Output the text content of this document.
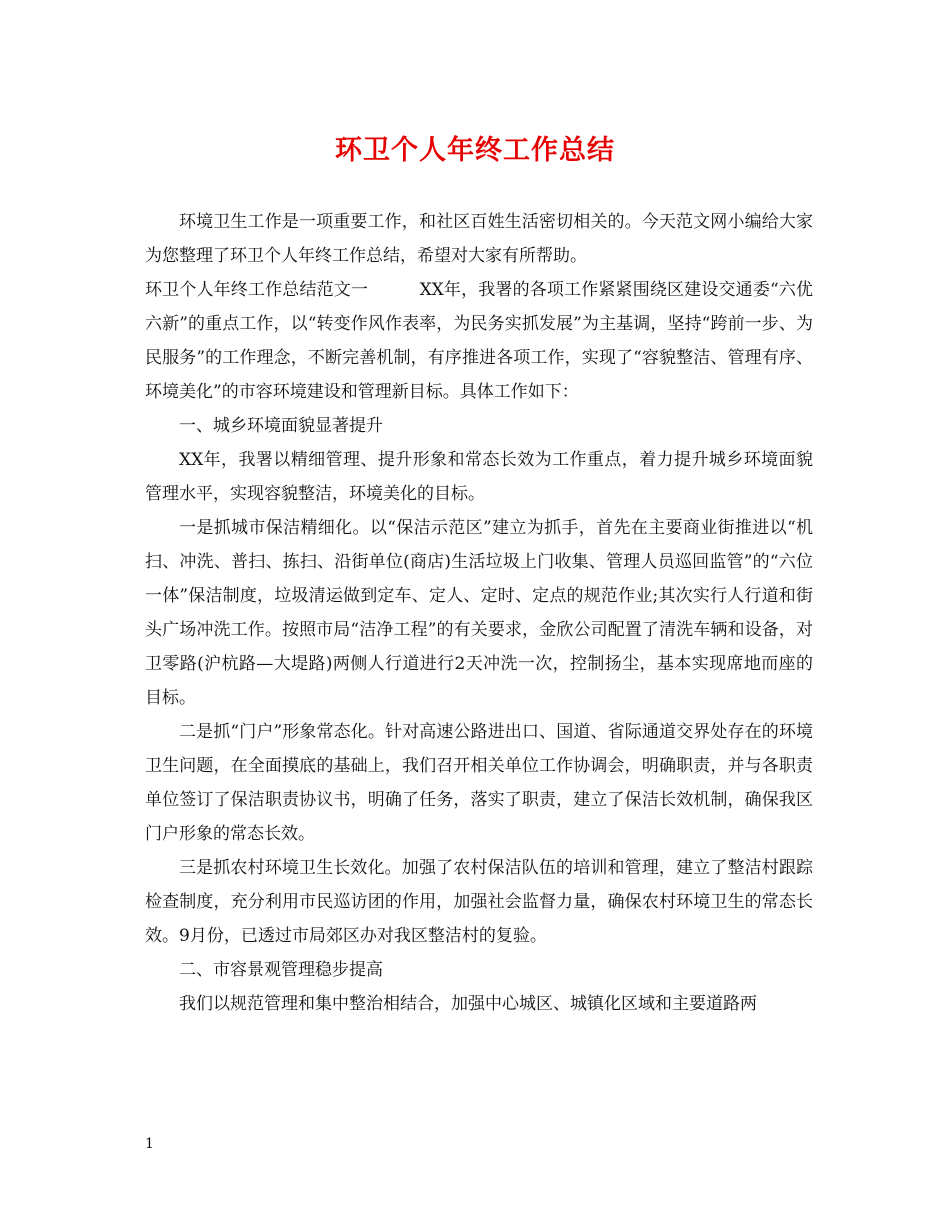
环卫个人年终工作总结

环境卫生工作是一项重要工作，和社区百姓生活密切相关的。今天范文网小编给大家为您整理了环卫个人年终工作总结，希望对大家有所帮助。

环卫个人年终工作总结范文一　　　XX年，我署的各项工作紧紧围绕区建设交通委“六优六新”的重点工作，以“转变作风作表率，为民务实抓发展”为主基调，坚持“跨前一步、为民服务”的工作理念，不断完善机制，有序推进各项工作，实现了“容貌整洁、管理有序、环境美化”的市容环境建设和管理新目标。具体工作如下：

一、城乡环境面貌显著提升

XX年，我署以精细管理、提升形象和常态长效为工作重点，着力提升城乡环境面貌管理水平，实现容貌整洁，环境美化的目标。

一是抓城市保洁精细化。以“保洁示范区”建立为抓手，首先在主要商业街推进以“机扫、冲洗、普扫、拣扫、沿街单位(商店)生活垃圾上门收集、管理人员巡回监管”的“六位一体”保洁制度，垃圾清运做到定车、定人、定时、定点的规范作业;其次实行人行道和街头广场冲洗工作。按照市局“洁净工程”的有关要求，金欣公司配置了清洗车辆和设备，对卫零路(沪杭路—大堤路)两侧人行道进行2天冲洗一次，控制扬尘，基本实现席地而座的目标。

二是抓“门户”形象常态化。针对高速公路进出口、国道、省际通道交界处存在的环境卫生问题，在全面摸底的基础上，我们召开相关单位工作协调会，明确职责，并与各职责单位签订了保洁职责协议书，明确了任务，落实了职责，建立了保洁长效机制，确保我区门户形象的常态长效。

三是抓农村环境卫生长效化。加强了农村保洁队伍的培训和管理，建立了整洁村跟踪检查制度，充分利用市民巡访团的作用，加强社会监督力量，确保农村环境卫生的常态长效。9月份，已透过市局郊区办对我区整洁村的复验。

二、市容景观管理稳步提高

我们以规范管理和集中整治相结合，加强中心城区、城镇化区域和主要道路两

1
